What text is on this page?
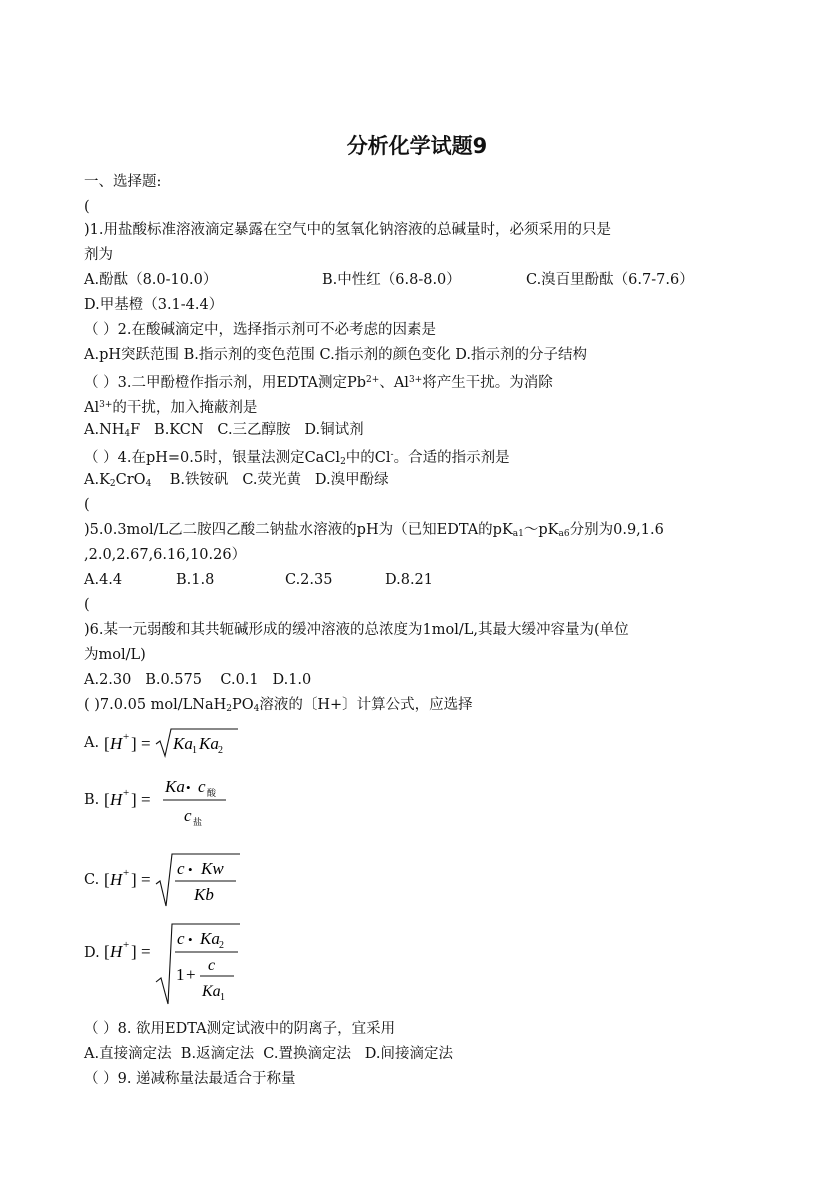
分析化学试题9
一、选择题:
(
)1.用盐酸标准溶液滴定暴露在空气中的氢氧化钠溶液的总碱量时，必须采用的只是
剂为
A.酚酞（8.0-10.0）	B.中性红（6.8-8.0）	C.溴百里酚酞（6.7-7.6）
D.甲基橙（3.1-4.4）
（ ）2.在酸碱滴定中，选择指示剂可不必考虑的因素是
A.pH突跃范围 B.指示剂的变色范围 C.指示剂的颜色变化 D.指示剂的分子结构
（ ）3.二甲酚橙作指示剂，用EDTA测定$Pb^{2+}$、$Al^{3+}$将产生干扰。为消除
$Al^{3+}$的干扰，加入掩蔽剂是
$A.NH_4F$   B.KCN   C.三乙醇胺   D.铜试剂
（ ）4.在pH=0.5时，银量法测定CaCl$_2$中的Cl-。合适的指示剂是
$A.K_2CrO_4$    B.铁铵矾   C.荧光黄   D.溴甲酚绿
(
)5.0.3mol/L乙二胺四乙酸二钠盐水溶液的pH为（已知EDTA的$pK_{a1}\sim pK_{a6}$分别为0.9,1.6
,2.0,2.67,6.16,10.26）
A.4.4	B.1.8	C.2.35	D.8.21
(
)6.某一元弱酸和其共轭碱形成的缓冲溶液的总浓度为1mol/L,其最大缓冲容量为(单位
为mol/L)
A.2.30   B.0.575    C.0.1   D.1.0
( )7.0.05 mol/$LNaH_2PO_4$溶液的〔H+〕计算公式，应选择
A. [ H + ] = Ka 1 Ka 2
B. [ H + ] =
Ka • c 酸
c 盐
C. [ H + ] =
c • Kw
Kb
D. [ H + ] =
c • Ka 2
1 + c
Ka 1
（ ）8. 欲用EDTA测定试液中的阴离子，宜采用
A.直接滴定法  B.返滴定法  C.置换滴定法   D.间接滴定法
（ ）9. 递减称量法最适合于称量
